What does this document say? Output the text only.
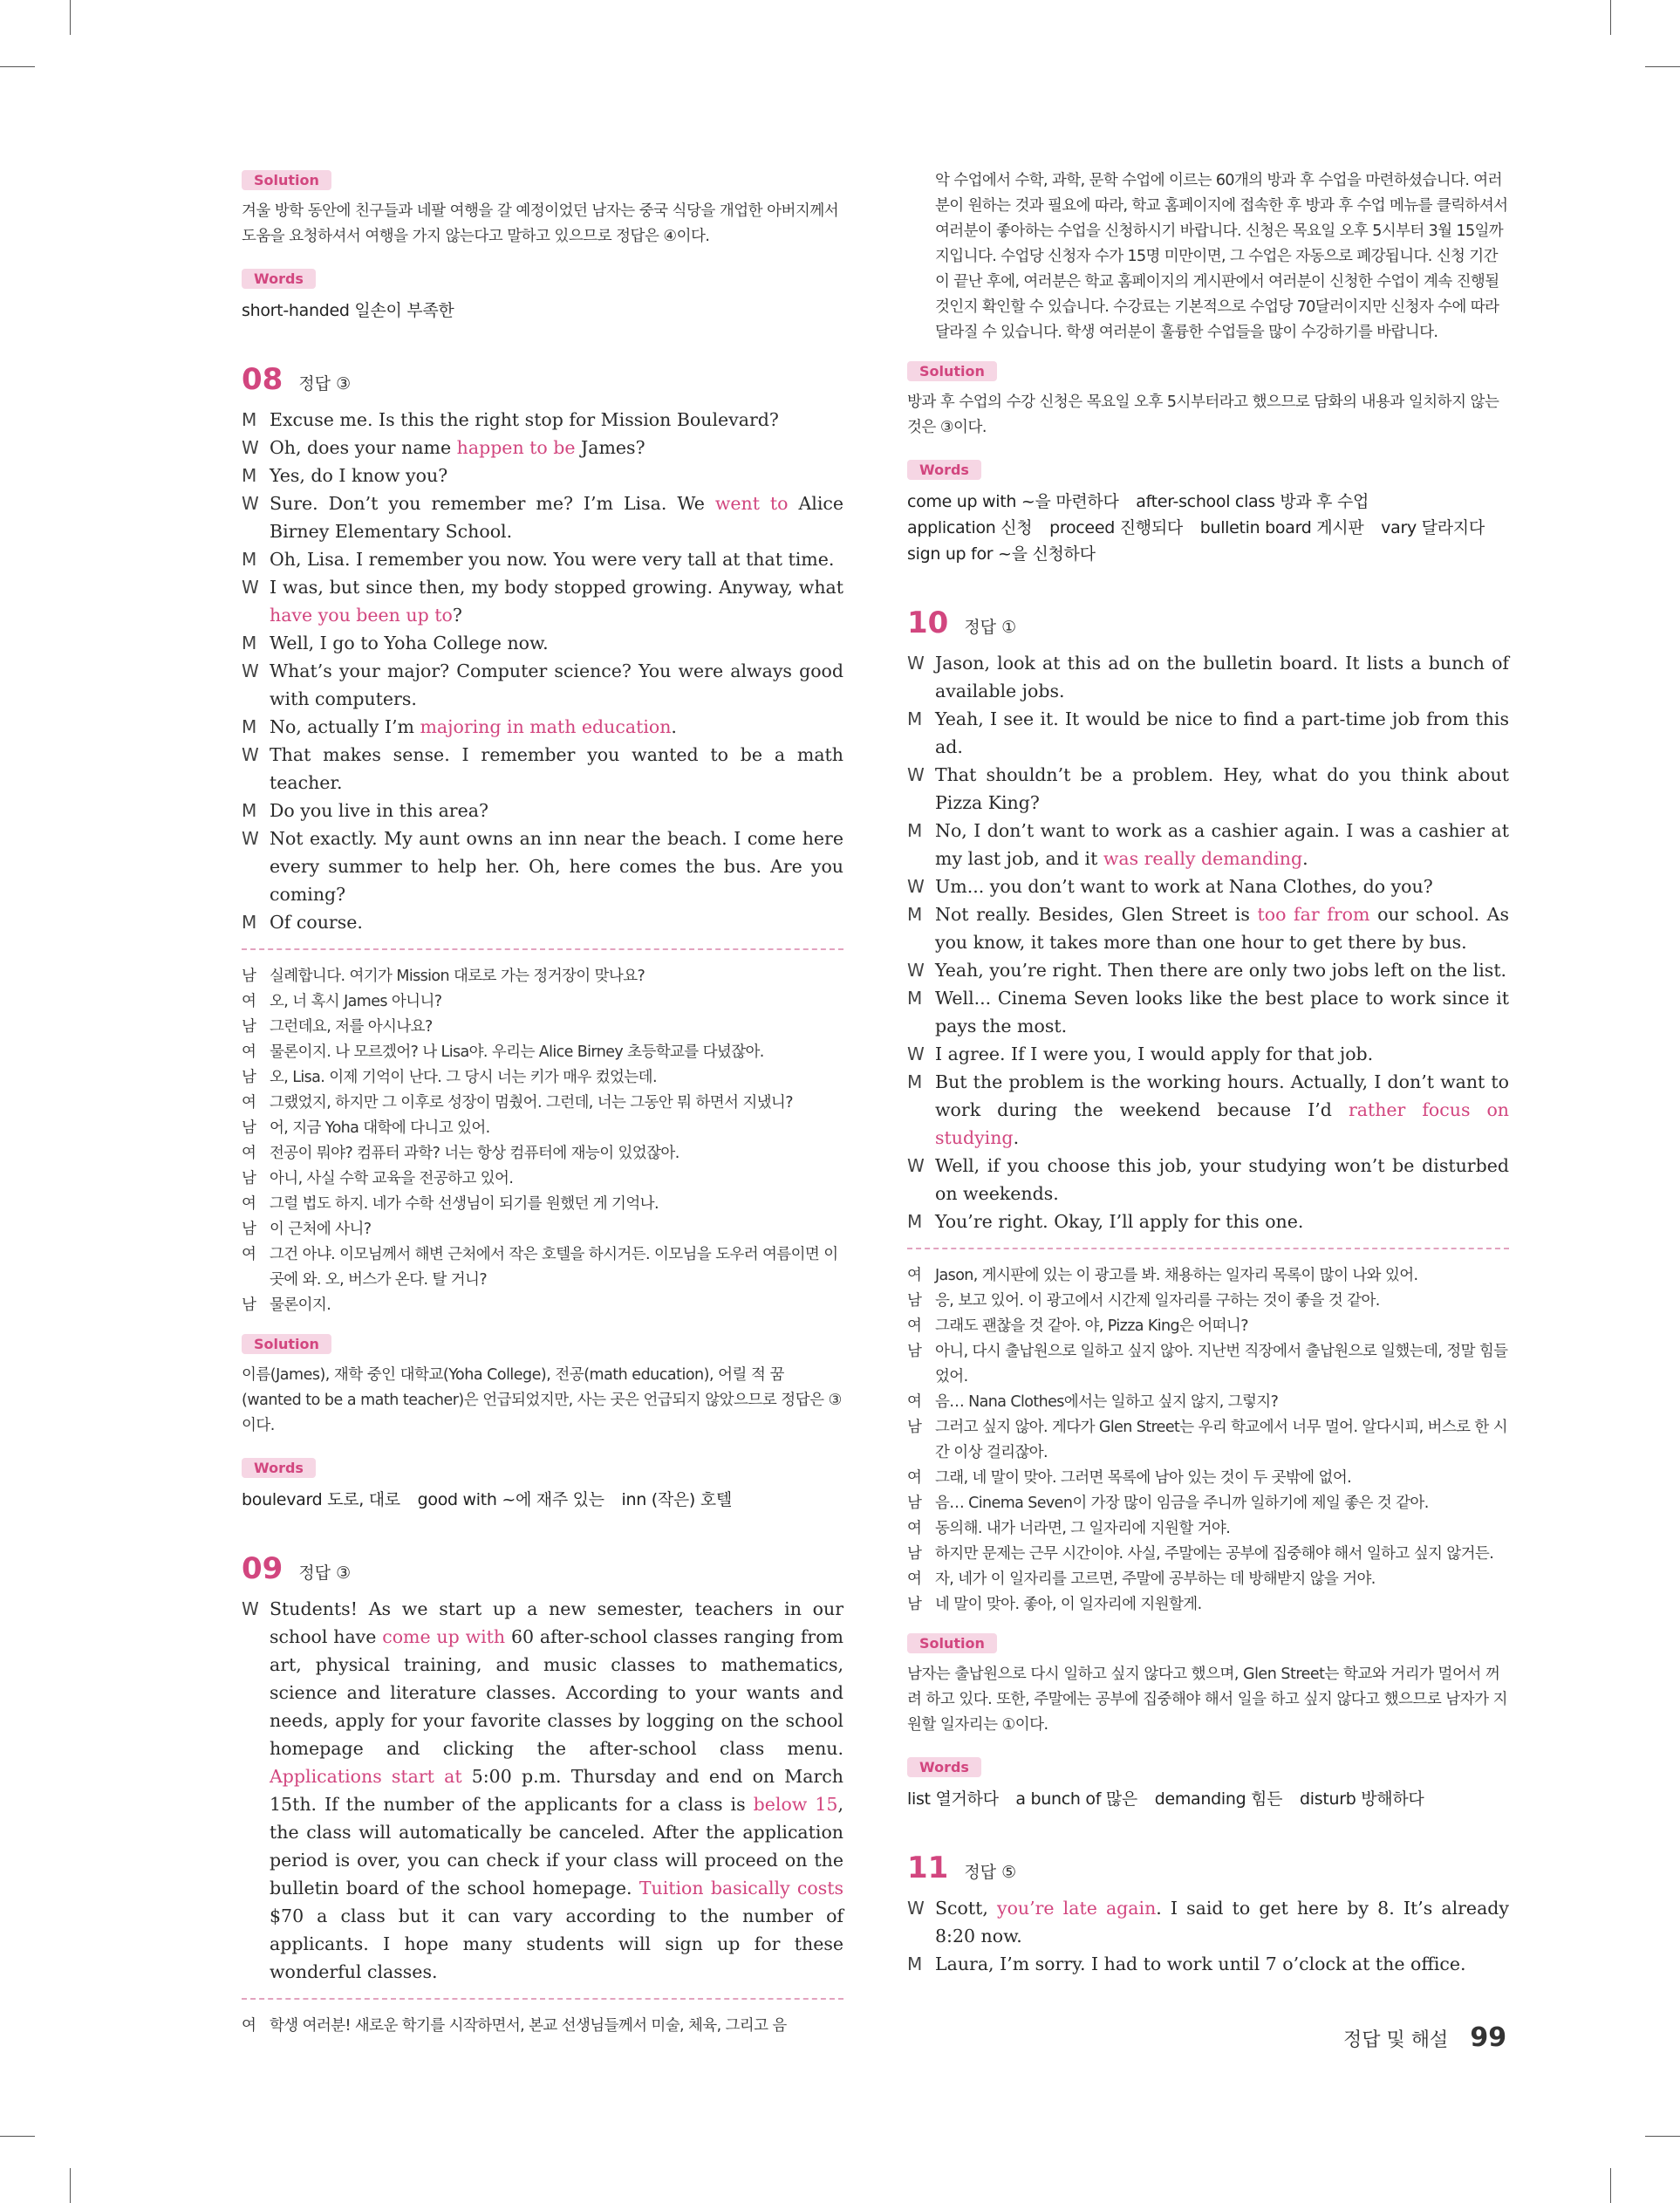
Solution

겨울 방학 동안에 친구들과 네팔 여행을 갈 예정이었던 남자는 중국 식당을 개업한 아버지께서 도움을 요청하셔서 여행을 가지 않는다고 말하고 있으므로 정답은 ④이다.

Words

short-handed 일손이 부족한

08 정답 ③
M Excuse me. Is this the right stop for Mission Boulevard?
W Oh, does your name happen to be James?
M Yes, do I know you?
W Sure. Don’t you remember me? I’m Lisa. We went to Alice Birney Elementary School.
M Oh, Lisa. I remember you now. You were very tall at that time.
W I was, but since then, my body stopped growing. Anyway, what have you been up to?
M Well, I go to Yoha College now.
W What’s your major? Computer science? You were always good with computers.
M No, actually I’m majoring in math education.
W That makes sense. I remember you wanted to be a math teacher.
M Do you live in this area?
W Not exactly. My aunt owns an inn near the beach. I come here every summer to help her. Oh, here comes the bus. Are you coming?
M Of course.
남 실례합니다. 여기가 Mission 대로로 가는 정거장이 맞나요?
여 오, 너 혹시 James 아니니?
남 그런데요, 저를 아시나요?
여 물론이지. 나 모르겠어? 나 Lisa야. 우리는 Alice Birney 초등학교를 다녔잖아.
남 오, Lisa. 이제 기억이 난다. 그 당시 너는 키가 매우 컸었는데.
여 그랬었지, 하지만 그 이후로 성장이 멈췄어. 그런데, 너는 그동안 뭐 하면서 지냈니?
남 어, 지금 Yoha 대학에 다니고 있어.
여 전공이 뭐야? 컴퓨터 과학? 너는 항상 컴퓨터에 재능이 있었잖아.
남 아니, 사실 수학 교육을 전공하고 있어.
여 그럴 법도 하지. 네가 수학 선생님이 되기를 원했던 게 기억나.
남 이 근처에 사니?
여 그건 아냐. 이모님께서 해변 근처에서 작은 호텔을 하시거든. 이모님을 도우러 여름이면 이곳에 와. 오, 버스가 온다. 탈 거니?
남 물론이지.
Solution

이름(James), 재학 중인 대학교(Yoha College), 전공(math education), 어릴 적 꿈(wanted to be a math teacher)은 언급되었지만, 사는 곳은 언급되지 않았으므로 정답은 ③이다.

Words

boulevard 도로, 대로 good with ~에 재주 있는 inn (작은) 호텔

09 정답 ③
W Students! As we start up a new semester, teachers in our school have come up with 60 after-school classes ranging from art, physical training, and music classes to mathematics, science and literature classes. According to your wants and needs, apply for your favorite classes by logging on the school homepage and clicking the after-school class menu. Applications start at 5:00 p.m. Thursday and end on March 15th. If the number of the applicants for a class is below 15, the class will automatically be canceled. After the application period is over, you can check if your class will proceed on the bulletin board of the school homepage. Tuition basically costs $70 a class but it can vary according to the number of applicants. I hope many students will sign up for these wonderful classes.
여 학생 여러분! 새로운 학기를 시작하면서, 본교 선생님들께서 미술, 체육, 그리고 음
악 수업에서 수학, 과학, 문학 수업에 이르는 60개의 방과 후 수업을 마련하셨습니다. 여러분이 원하는 것과 필요에 따라, 학교 홈페이지에 접속한 후 방과 후 수업 메뉴를 클릭하셔서 여러분이 좋아하는 수업을 신청하시기 바랍니다. 신청은 목요일 오후 5시부터 3월 15일까지입니다. 수업당 신청자 수가 15명 미만이면, 그 수업은 자동으로 폐강됩니다. 신청 기간이 끝난 후에, 여러분은 학교 홈페이지의 게시판에서 여러분이 신청한 수업이 계속 진행될 것인지 확인할 수 있습니다. 수강료는 기본적으로 수업당 70달러이지만 신청자 수에 따라 달라질 수 있습니다. 학생 여러분이 훌륭한 수업들을 많이 수강하기를 바랍니다.
Solution

방과 후 수업의 수강 신청은 목요일 오후 5시부터라고 했으므로 담화의 내용과 일치하지 않는 것은 ③이다.

Words

come up with ~을 마련하다 after-school class 방과 후 수업
application 신청 proceed 진행되다 bulletin board 게시판 vary 달라지다
sign up for ~을 신청하다

10 정답 ①
W Jason, look at this ad on the bulletin board. It lists a bunch of available jobs.
M Yeah, I see it. It would be nice to find a part-time job from this ad.
W That shouldn’t be a problem. Hey, what do you think about Pizza King?
M No, I don’t want to work as a cashier again. I was a cashier at my last job, and it was really demanding.
W Um... you don’t want to work at Nana Clothes, do you?
M Not really. Besides, Glen Street is too far from our school. As you know, it takes more than one hour to get there by bus.
W Yeah, you’re right. Then there are only two jobs left on the list.
M Well... Cinema Seven looks like the best place to work since it pays the most.
W I agree. If I were you, I would apply for that job.
M But the problem is the working hours. Actually, I don’t want to work during the weekend because I’d rather focus on studying.
W Well, if you choose this job, your studying won’t be disturbed on weekends.
M You’re right. Okay, I’ll apply for this one.
여 Jason, 게시판에 있는 이 광고를 봐. 채용하는 일자리 목록이 많이 나와 있어.
남 응, 보고 있어. 이 광고에서 시간제 일자리를 구하는 것이 좋을 것 같아.
여 그래도 괜찮을 것 같아. 야, Pizza King은 어떠니?
남 아니, 다시 출납원으로 일하고 싶지 않아. 지난번 직장에서 출납원으로 일했는데, 정말 힘들었어.
여 음… Nana Clothes에서는 일하고 싶지 않지, 그렇지?
남 그러고 싶지 않아. 게다가 Glen Street는 우리 학교에서 너무 멀어. 알다시피, 버스로 한 시간 이상 걸리잖아.
여 그래, 네 말이 맞아. 그러면 목록에 남아 있는 것이 두 곳밖에 없어.
남 음… Cinema Seven이 가장 많이 임금을 주니까 일하기에 제일 좋은 것 같아.
여 동의해. 내가 너라면, 그 일자리에 지원할 거야.
남 하지만 문제는 근무 시간이야. 사실, 주말에는 공부에 집중해야 해서 일하고 싶지 않거든.
여 자, 네가 이 일자리를 고르면, 주말에 공부하는 데 방해받지 않을 거야.
남 네 말이 맞아. 좋아, 이 일자리에 지원할게.
Solution

남자는 출납원으로 다시 일하고 싶지 않다고 했으며, Glen Street는 학교와 거리가 멀어서 꺼려 하고 있다. 또한, 주말에는 공부에 집중해야 해서 일을 하고 싶지 않다고 했으므로 남자가 지원할 일자리는 ①이다.

Words

list 열거하다 a bunch of 많은 demanding 힘든 disturb 방해하다

11 정답 ⑤
W Scott, you’re late again. I said to get here by 8. It’s already 8:20 now.
M Laura, I’m sorry. I had to work until 7 o’clock at the office.
정답 및 해설 99
